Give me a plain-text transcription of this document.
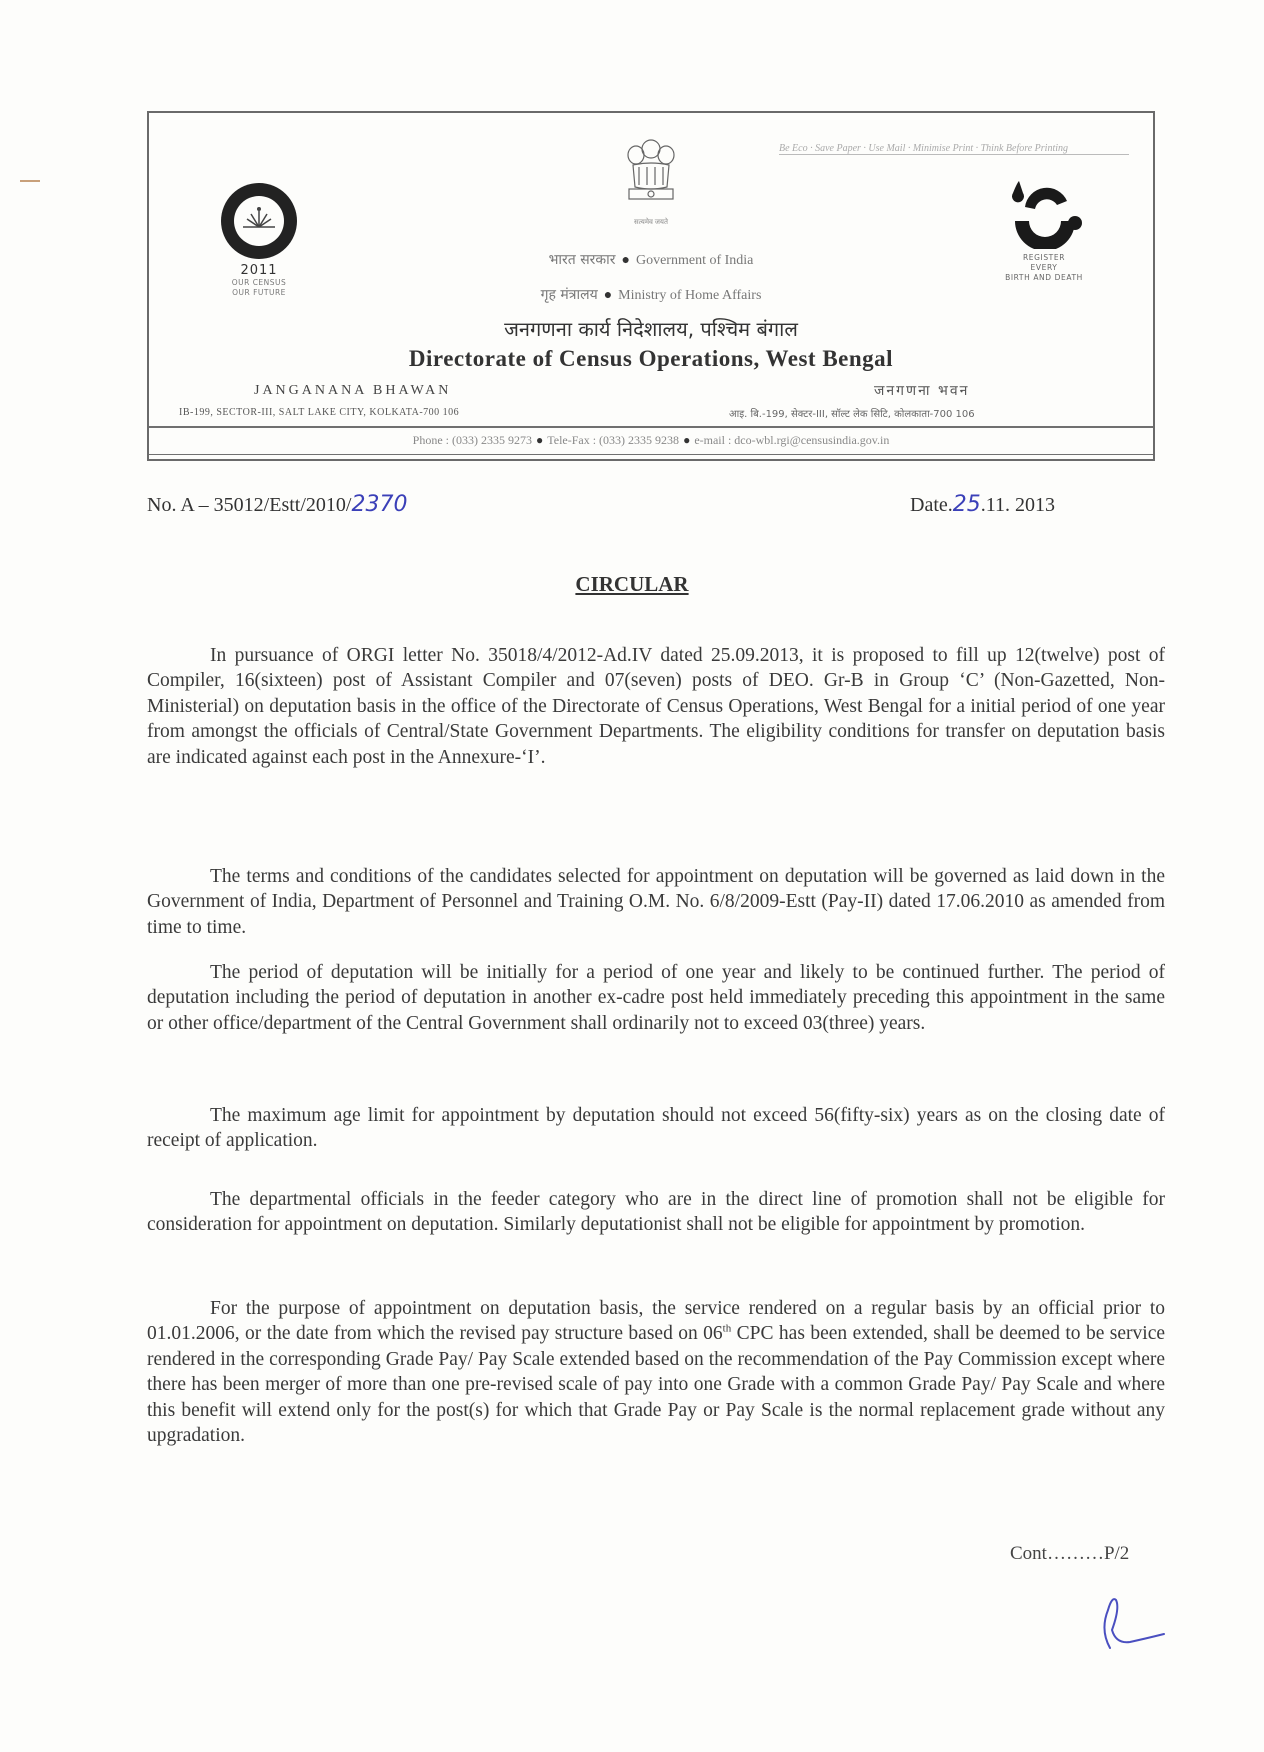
2011
OUR CENSUS
OUR FUTURE
सत्यमेव जयते
Be Eco · Save Paper · Use Mail · Minimise Print · Think Before Printing
REGISTER
EVERY
BIRTH AND DEATH
भारत सरकार ● Government of India
गृह मंत्रालय ● Ministry of Home Affairs
जनगणना कार्य निदेशालय, पश्चिम बंगाल
Directorate of Census Operations, West Bengal
JANGANANA BHAWAN	जनगणना भवन
IB-199, SECTOR-III, SALT LAKE CITY, KOLKATA-700 106	आइ. बि.-199, सेक्टर-III, सॉल्ट लेक सिटि, कोलकाता-700 106
Phone : (033) 2335 9273 ● Tele-Fax : (033) 2335 9238 ● e-mail : dco-wbl.rgi@censusindia.gov.in
No. A – 35012/Estt/2010/2370	Date.25.11. 2013
CIRCULAR

In pursuance of ORGI letter No. 35018/4/2012-Ad.IV dated 25.09.2013, it is proposed to fill up 12(twelve) post of Compiler, 16(sixteen) post of Assistant Compiler and 07(seven) posts of DEO. Gr-B in Group ‘C’ (Non-Gazetted, Non-Ministerial) on deputation basis in the office of the Directorate of Census Operations, West Bengal for a initial period of one year from amongst the officials of Central/State Government Departments. The eligibility conditions for transfer on deputation basis are indicated against each post in the Annexure-‘I’.

The terms and conditions of the candidates selected for appointment on deputation will be governed as laid down in the Government of India, Department of Personnel and Training O.M. No. 6/8/2009-Estt (Pay-II) dated 17.06.2010 as amended from time to time.

The period of deputation will be initially for a period of one year and likely to be continued further. The period of deputation including the period of deputation in another ex-cadre post held immediately preceding this appointment in the same or other office/department of the Central Government shall ordinarily not to exceed 03(three) years.

The maximum age limit for appointment by deputation should not exceed 56(fifty-six) years as on the closing date of receipt of application.

The departmental officials in the feeder category who are in the direct line of promotion shall not be eligible for consideration for appointment on deputation. Similarly deputationist shall not be eligible for appointment by promotion.

For the purpose of appointment on deputation basis, the service rendered on a regular basis by an official prior to 01.01.2006, or the date from which the revised pay structure based on 06th CPC has been extended, shall be deemed to be service rendered in the corresponding Grade Pay/ Pay Scale extended based on the recommendation of the Pay Commission except where there has been merger of more than one pre-revised scale of pay into one Grade with a common Grade Pay/ Pay Scale and where this benefit will extend only for the post(s) for which that Grade Pay or Pay Scale is the normal replacement grade without any upgradation.

Cont………P/2
